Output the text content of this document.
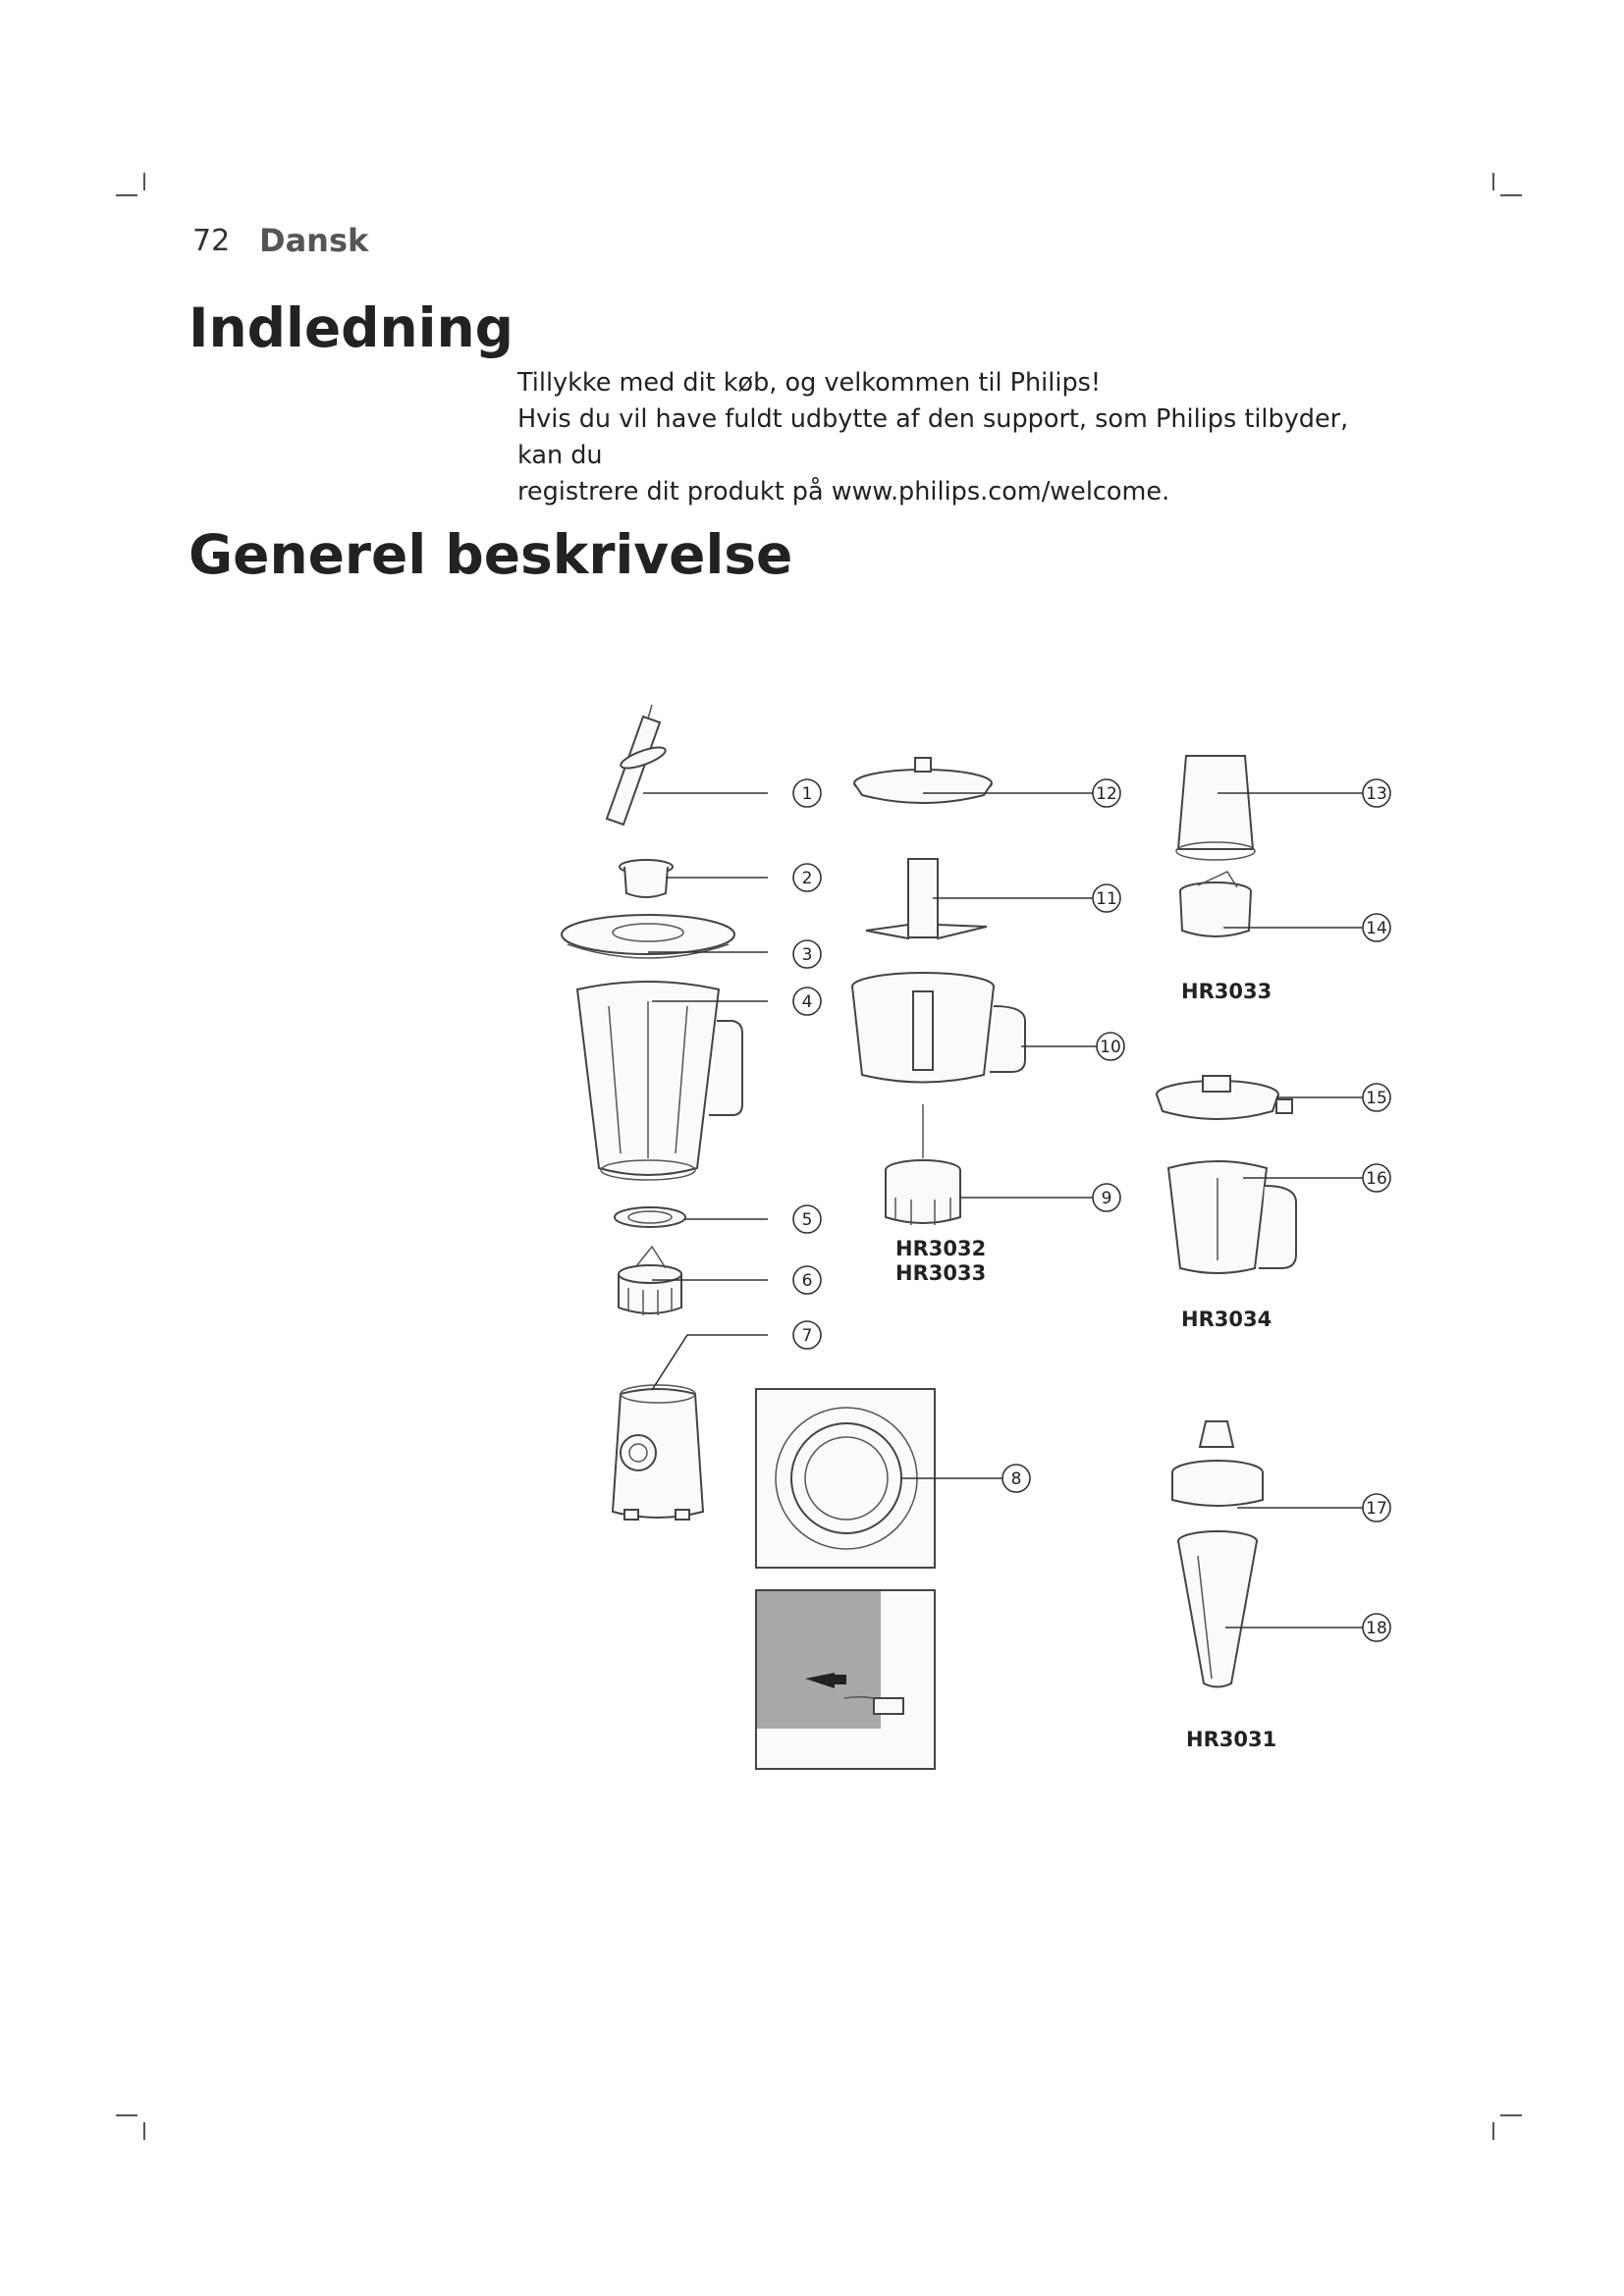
72 Dansk
Indledning

Tillykke med dit køb, og velkommen til Philips!

Hvis du vil have fuldt udbytte af den support, som Philips tilbyder, kan du

registrere dit produkt på www.philips.com/welcome.

Generel beskrivelse
1
2
3
4
5
6
7
8
9
10
11
12	13
14
15
16
17
18
HR3032
HR3033
HR3033
HR3034
HR3031
